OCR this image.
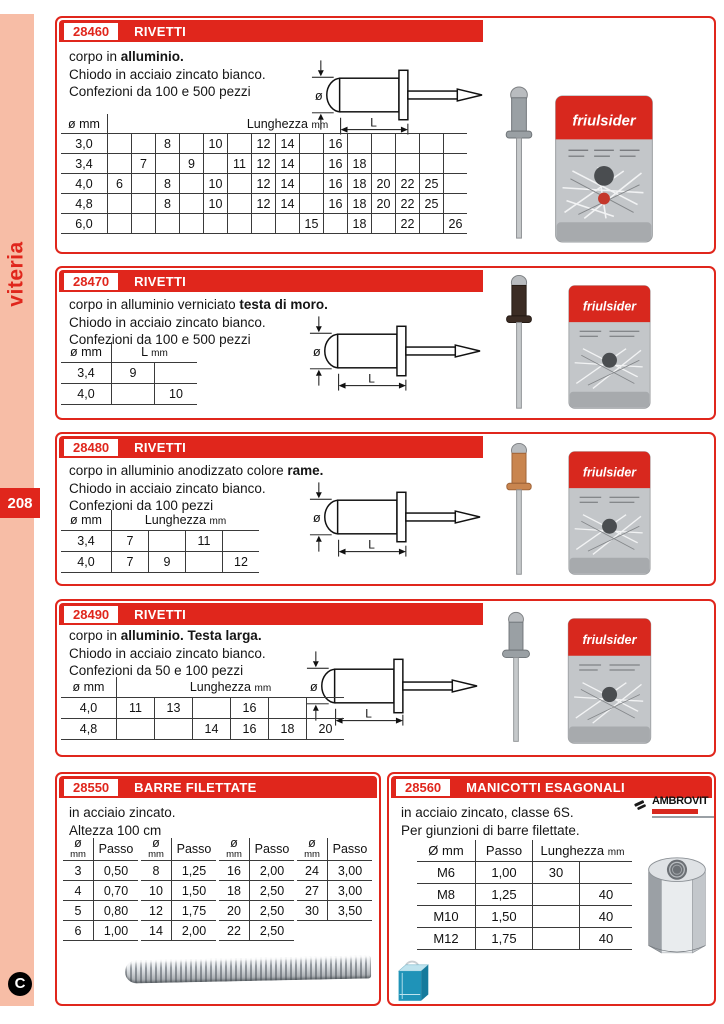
viteria
208
C
28460	RIVETTI
corpo in alluminio.
Chiodo in acciaio zincato bianco.
Confezioni da 100 e 500 pezzi	ø
L
ø mm	Lunghezza mm														
3,0			8		10		12	14		16					
3,4		7		9		11	12	14		16	18				
4,0	6		8		10		12	14		16	18	20	22	25	
4,8			8		10		12	14		16	18	20	22	25	
6,0									15		18		22		26
friulsider
28470	RIVETTI
corpo in alluminio verniciato testa di moro.
Chiodo in acciaio zincato bianco.
Confezioni da 100 e 500 pezzi
ø
L
ø mm	L mm	
3,4	9	
4,0		10
friulsider
28480	RIVETTI
corpo in alluminio anodizzato colore rame.
Chiodo in acciaio zincato bianco.
Confezioni da 100 pezzi
ø
L
ø mm	Lunghezza mm			
3,4	7		11	
4,0	7	9		12
friulsider
28490	RIVETTI
corpo in alluminio. Testa larga.
Chiodo in acciaio zincato bianco.
Confezioni da 50 e 100 pezzi
ø
L
ø mm	Lunghezza mm					
4,0	11	13		16		
4,8			14	16	18	20
friulsider
28550	BARRE FILETTATE
in acciaio zincato.
Altezza 100 cm
ø
mm	Passo
3	0,50
4	0,70
5	0,80
6	1,00
ø
mm	Passo
8	1,25
10	1,50
12	1,75
14	2,00
ø
mm	Passo
16	2,00
18	2,50
20	2,50
22	2,50
ø
mm	Passo
24	3,00
27	3,00
30	3,50
28560	MANICOTTI ESAGONALI
AMBROVIT
in acciaio zincato, classe 6S.
Per giunzioni di barre filettate.
Ø mm	Passo	Lunghezza mm	
M6	1,00	30	
M8	1,25		40
M10	1,50		40
M12	1,75		40
